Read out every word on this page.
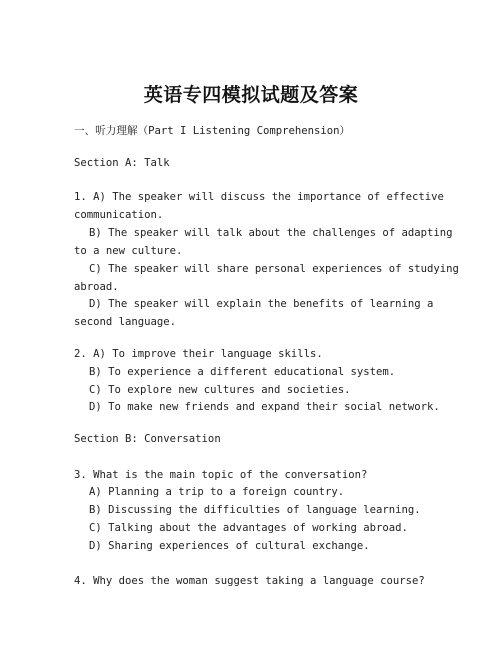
英语专四模拟试题及答案
一、听力理解（Part I Listening Comprehension）
Section A: Talk
1. A) The speaker will discuss the importance of effective
communication.
B) The speaker will talk about the challenges of adapting
to a new culture.
C) The speaker will share personal experiences of studying
abroad.
D) The speaker will explain the benefits of learning a
second language.
2. A) To improve their language skills.
B) To experience a different educational system.
C) To explore new cultures and societies.
D) To make new friends and expand their social network.
Section B: Conversation
3. What is the main topic of the conversation?
A) Planning a trip to a foreign country.
B) Discussing the difficulties of language learning.
C) Talking about the advantages of working abroad.
D) Sharing experiences of cultural exchange.
4. Why does the woman suggest taking a language course?
